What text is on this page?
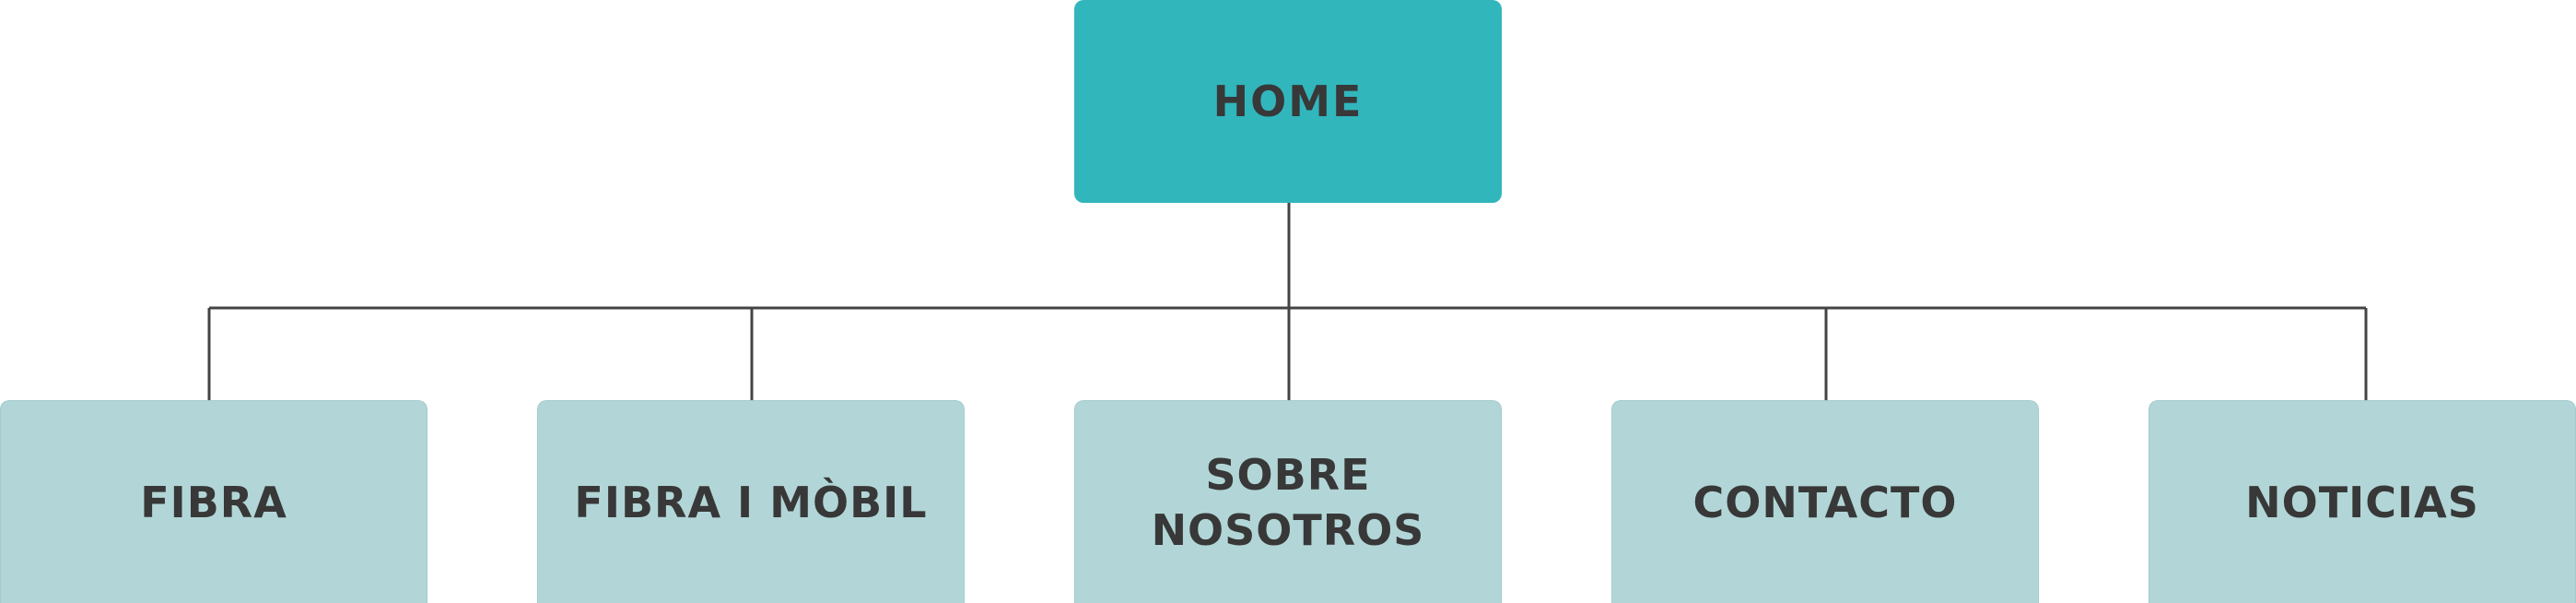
HOME
FIBRA	FIBRA I MÒBIL
SOBRE
NOSOTROS
CONTACTO	NOTICIAS
